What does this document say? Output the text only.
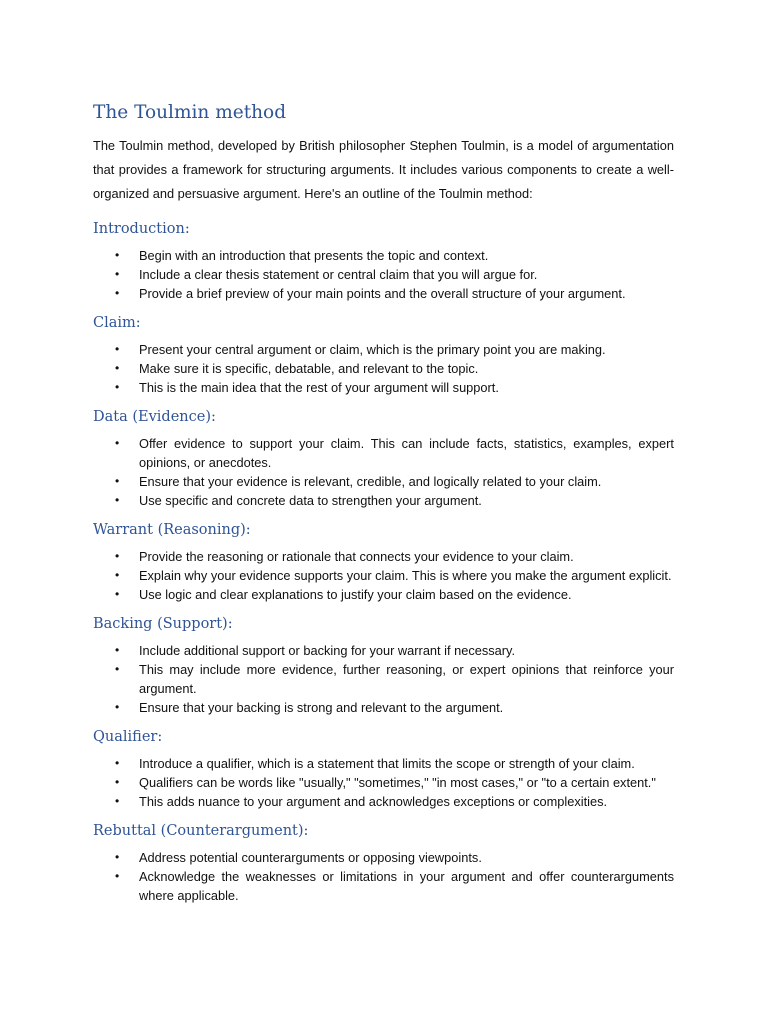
The Toulmin method

The Toulmin method, developed by British philosopher Stephen Toulmin, is a model of argumentation that provides a framework for structuring arguments. It includes various components to create a well-organized and persuasive argument. Here's an outline of the Toulmin method:

Introduction:
• Begin with an introduction that presents the topic and context.
• Include a clear thesis statement or central claim that you will argue for.
• Provide a brief preview of your main points and the overall structure of your argument.
Claim:
• Present your central argument or claim, which is the primary point you are making.
• Make sure it is specific, debatable, and relevant to the topic.
• This is the main idea that the rest of your argument will support.
Data (Evidence):
• Offer evidence to support your claim. This can include facts, statistics, examples, expert opinions, or anecdotes.
• Ensure that your evidence is relevant, credible, and logically related to your claim.
• Use specific and concrete data to strengthen your argument.
Warrant (Reasoning):
• Provide the reasoning or rationale that connects your evidence to your claim.
• Explain why your evidence supports your claim. This is where you make the argument explicit.
• Use logic and clear explanations to justify your claim based on the evidence.
Backing (Support):
• Include additional support or backing for your warrant if necessary.
• This may include more evidence, further reasoning, or expert opinions that reinforce your argument.
• Ensure that your backing is strong and relevant to the argument.
Qualifier:
• Introduce a qualifier, which is a statement that limits the scope or strength of your claim.
• Qualifiers can be words like "usually," "sometimes," "in most cases," or "to a certain extent."
• This adds nuance to your argument and acknowledges exceptions or complexities.
Rebuttal (Counterargument):
• Address potential counterarguments or opposing viewpoints.
• Acknowledge the weaknesses or limitations in your argument and offer counterarguments where applicable.
